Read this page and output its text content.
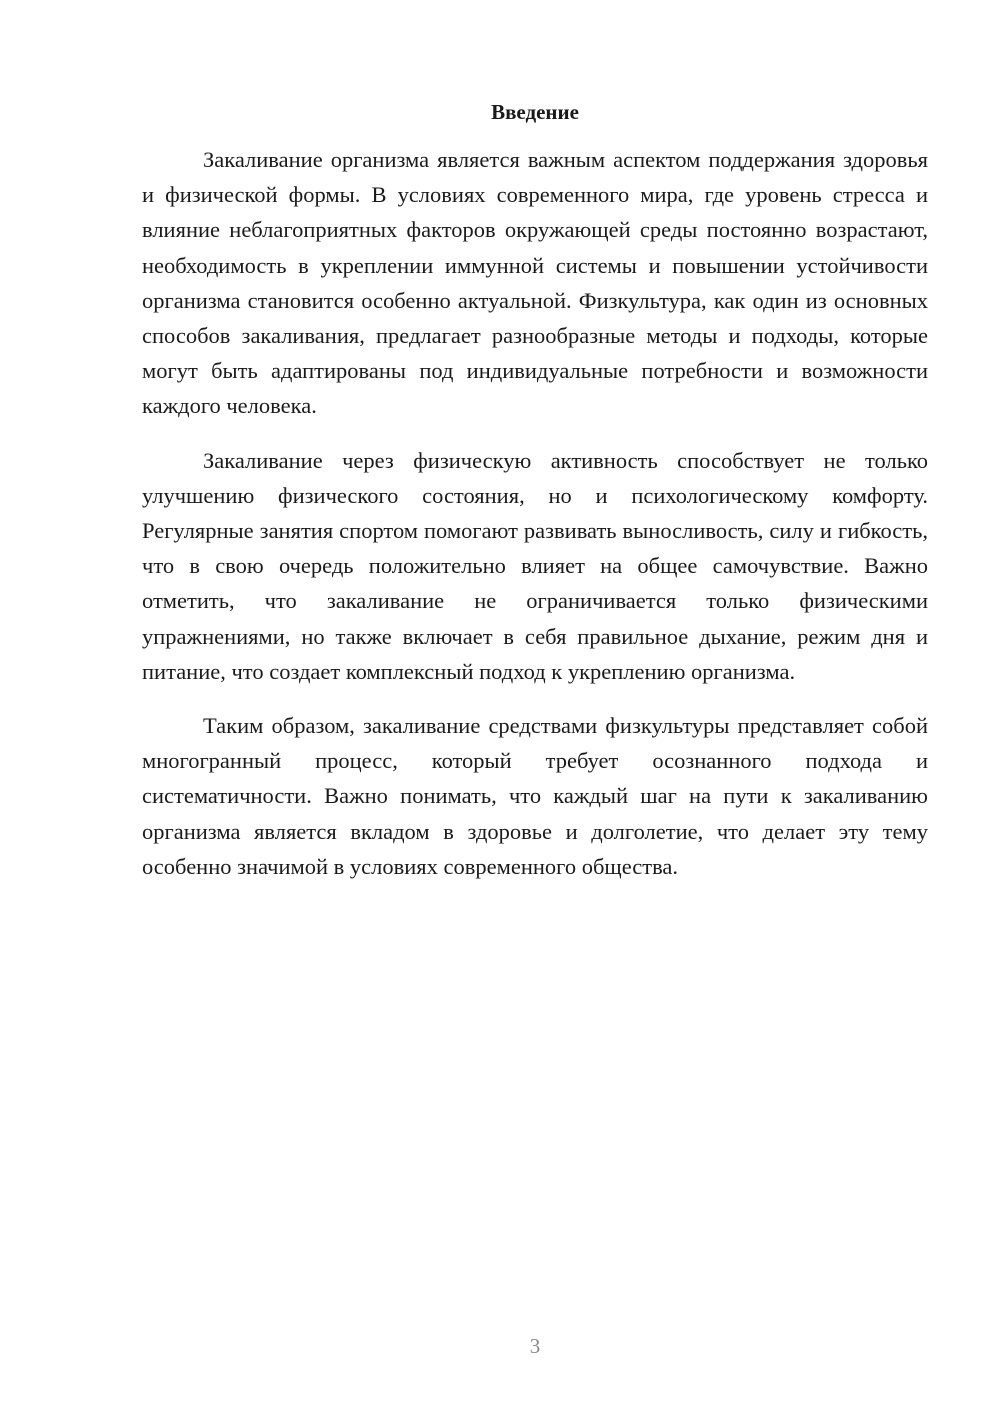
Введение

Закаливание организма является важным аспектом поддержания здоровья и физической формы. В условиях современного мира, где уровень стресса и влияние неблагоприятных факторов окружающей среды постоянно возрастают, необходимость в укреплении иммунной системы и повышении устойчивости организма становится особенно актуальной. Физкультура, как один из основных способов закаливания, предлагает разнообразные методы и подходы, которые могут быть адаптированы под индивидуальные потребности и возможности каждого человека.

Закаливание через физическую активность способствует не только улучшению физического состояния, но и психологическому комфорту. Регулярные занятия спортом помогают развивать выносливость, силу и гибкость, что в свою очередь положительно влияет на общее самочувствие. Важно отметить, что закаливание не ограничивается только физическими упражнениями, но также включает в себя правильное дыхание, режим дня и питание, что создает комплексный подход к укреплению организма.

Таким образом, закаливание средствами физкультуры представляет собой многогранный процесс, который требует осознанного подхода и систематичности. Важно понимать, что каждый шаг на пути к закаливанию организма является вкладом в здоровье и долголетие, что делает эту тему особенно значимой в условиях современного общества.

3
